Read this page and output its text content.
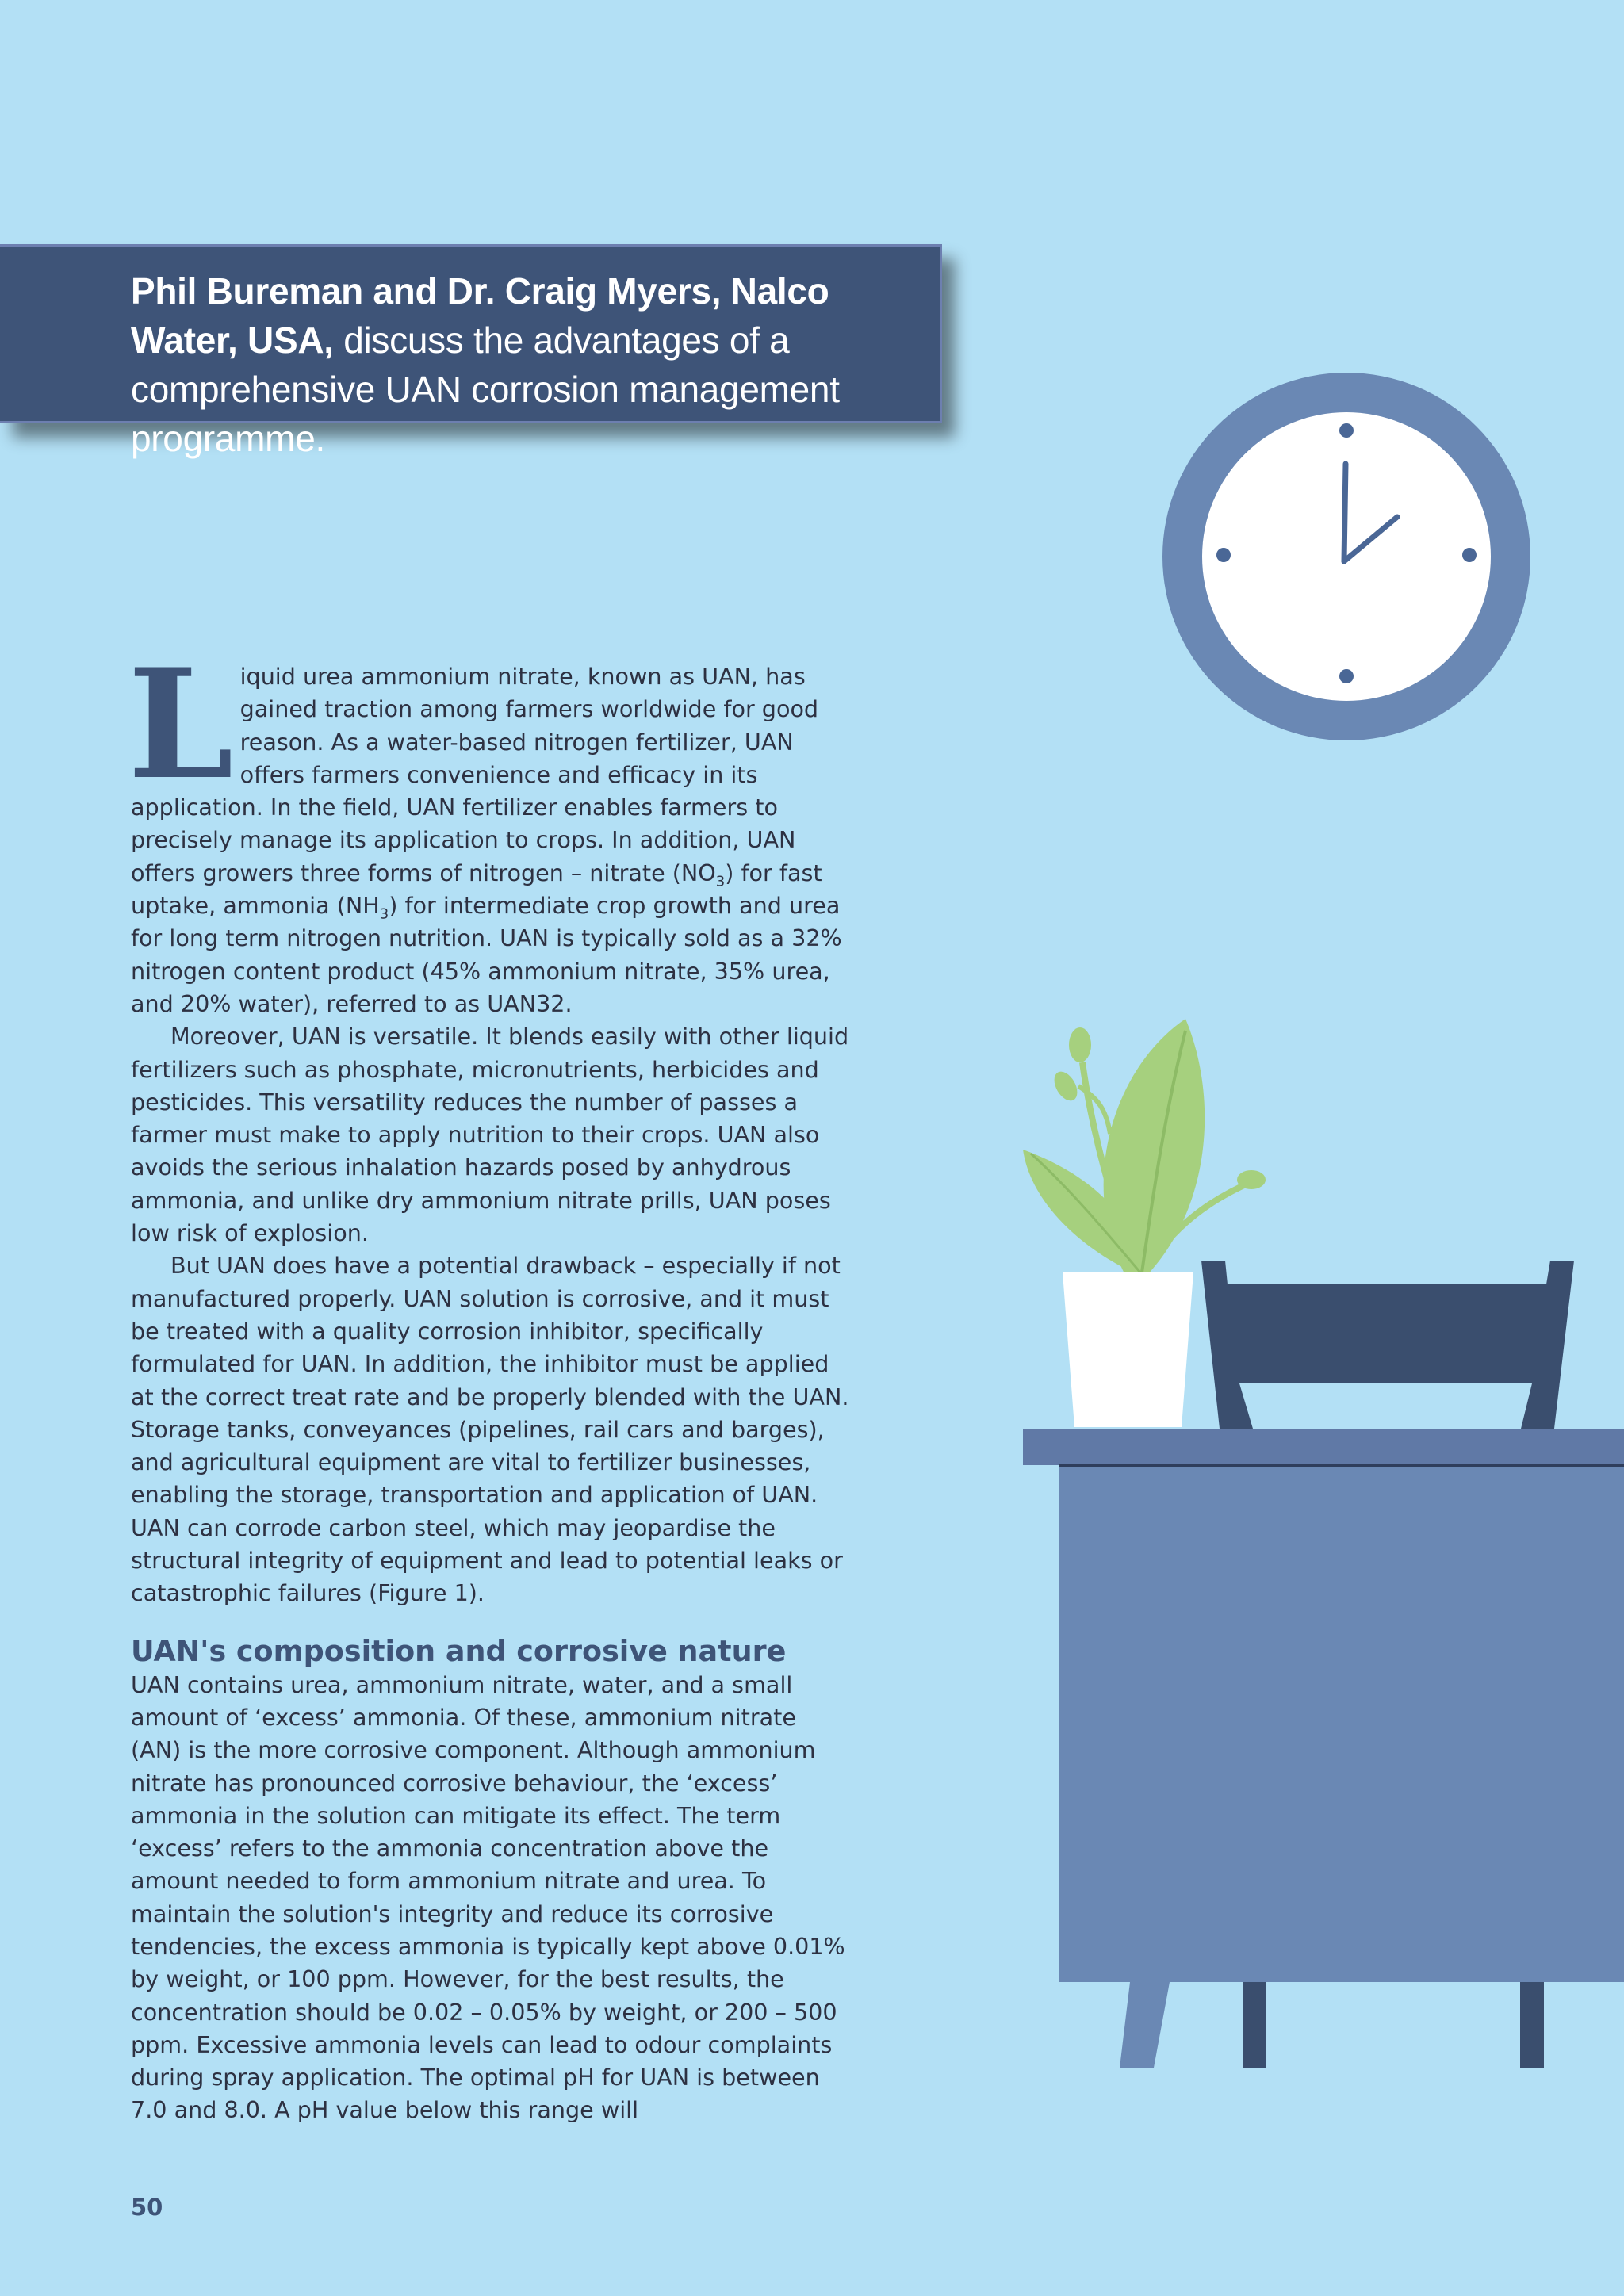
Phil Bureman and Dr. Craig Myers, Nalco Water, USA, discuss the advantages of a comprehensive UAN corrosion management programme.

Liquid urea ammonium nitrate, known as UAN, has gained traction among farmers worldwide for good reason. As a water-based nitrogen fertilizer, UAN offers farmers convenience and efficacy in its application. In the field, UAN fertilizer enables farmers to precisely manage its application to crops. In addition, UAN offers growers three forms of nitrogen – nitrate $(NO_3)$ for fast uptake, ammonia $(NH_3)$ for intermediate crop growth and urea for long term nitrogen nutrition. UAN is typically sold as a 32% nitrogen content product (45% ammonium nitrate, 35% urea, and 20% water), referred to as UAN32.

Moreover, UAN is versatile. It blends easily with other liquid fertilizers such as phosphate, micronutrients, herbicides and pesticides. This versatility reduces the number of passes a farmer must make to apply nutrition to their crops. UAN also avoids the serious inhalation hazards posed by anhydrous ammonia, and unlike dry ammonium nitrate prills, UAN poses low risk of explosion.

But UAN does have a potential drawback – especially if not manufactured properly. UAN solution is corrosive, and it must be treated with a quality corrosion inhibitor, specifically formulated for UAN. In addition, the inhibitor must be applied at the correct treat rate and be properly blended with the UAN. Storage tanks, conveyances (pipelines, rail cars and barges), and agricultural equipment are vital to fertilizer businesses, enabling the storage, transportation and application of UAN. UAN can corrode carbon steel, which may jeopardise the structural integrity of equipment and lead to potential leaks or catastrophic failures (Figure 1).

UAN's composition and corrosive nature

UAN contains urea, ammonium nitrate, water, and a small amount of ‘excess’ ammonia. Of these, ammonium nitrate (AN) is the more corrosive component. Although ammonium nitrate has pronounced corrosive behaviour, the ‘excess’ ammonia in the solution can mitigate its effect. The term ‘excess’ refers to the ammonia concentration above the amount needed to form ammonium nitrate and urea. To maintain the solution's integrity and reduce its corrosive tendencies, the excess ammonia is typically kept above 0.01% by weight, or 100 ppm. However, for the best results, the concentration should be 0.02 – 0.05% by weight, or 200 – 500 ppm. Excessive ammonia levels can lead to odour complaints during spray application. The optimal pH for UAN is between 7.0 and 8.0. A pH value below this range will

50
